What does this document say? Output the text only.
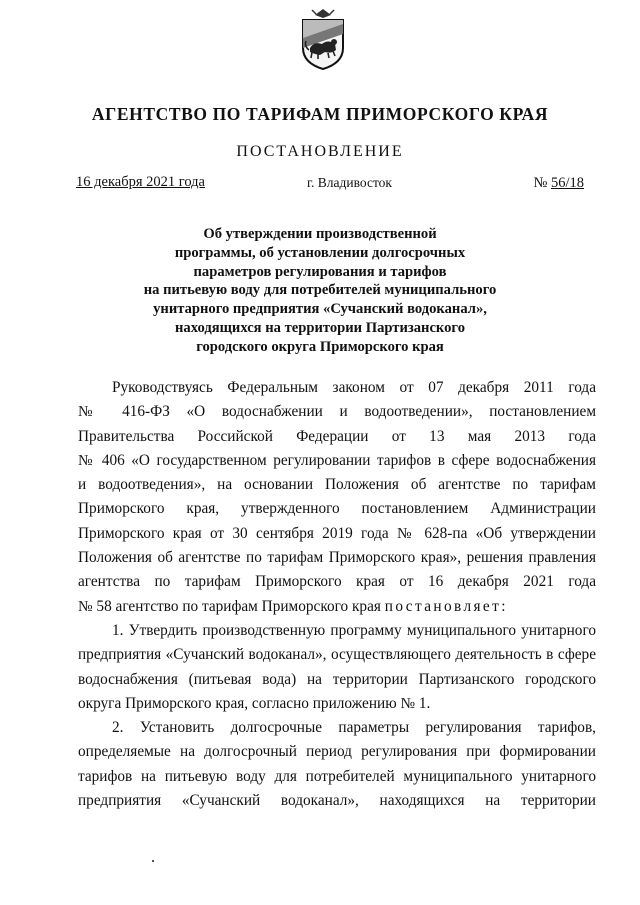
АГЕНТСТВО ПО ТАРИФАМ ПРИМОРСКОГО КРАЯ
ПОСТАНОВЛЕНИЕ
16 декабря 2021 года	г. Владивосток	№ 56/18
Об утверждении производственной
программы, об установлении долгосрочных
параметров регулирования и тарифов
на питьевую воду для потребителей муниципального
унитарного предприятия «Сучанский водоканал»,
находящихся на территории Партизанского
городского округа Приморского края
Руководствуясь Федеральным законом от 07 декабря 2011 года
№ 416-ФЗ «О водоснабжении и водоотведении», постановлением
Правительства Российской Федерации от 13 мая 2013 года
№ 406 «О государственном регулировании тарифов в сфере водоснабжения
и водоотведения», на основании Положения об агентстве по тарифам
Приморского края, утвержденного постановлением Администрации
Приморского края от 30 сентября 2019 года № 628-па «Об утверждении
Положения об агентстве по тарифам Приморского края», решения правления
агентства по тарифам Приморского края от 16 декабря 2021 года
№ 58 агентство по тарифам Приморского края постановляет:
1. Утвердить производственную программу муниципального унитарного
предприятия «Сучанский водоканал», осуществляющего деятельность в сфере
водоснабжения (питьевая вода) на территории Партизанского городского
округа Приморского края, согласно приложению № 1.
2. Установить долгосрочные параметры регулирования тарифов,
определяемые на долгосрочный период регулирования при формировании
тарифов на питьевую воду для потребителей муниципального унитарного
предприятия «Сучанский водоканал», находящихся на территории
